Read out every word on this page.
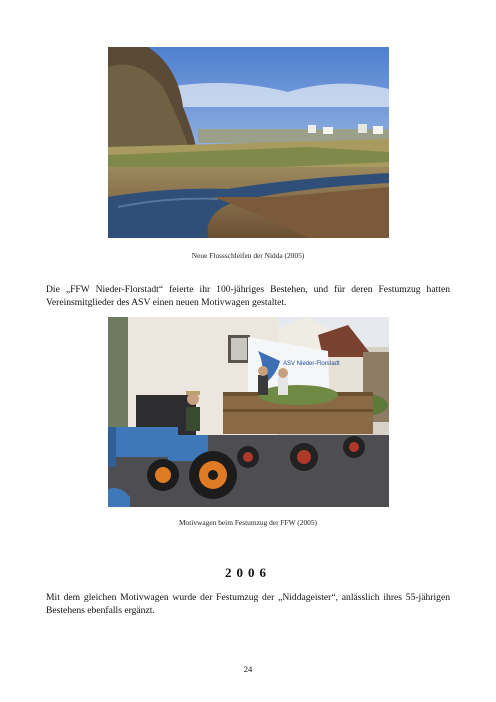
Neue Flussschleifen der Nidda (2005)

Die „FFW Nieder-Florstadt“ feierte ihr 100-jähriges Bestehen, und für deren Festumzug hatten Vereinsmitglieder des ASV einen neuen Motivwagen gestaltet.

ASV Nieder-Florstadt
Motivwagen beim Festumzug der FFW (2005)
2006

Mit dem gleichen Motivwagen wurde der Festumzug der „Niddageister“, anlässlich ihres 55-jährigen Bestehens ebenfalls ergänzt.

24
